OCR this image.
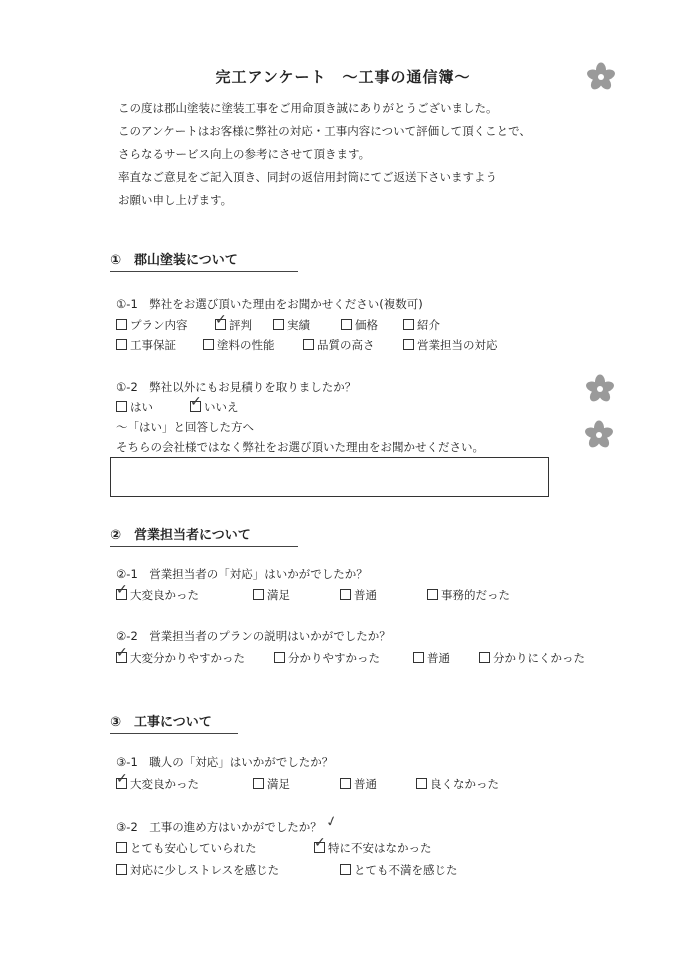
完工アンケート　～工事の通信簿～
この度は郡山塗装に塗装工事をご用命頂き誠にありがとうございました。
このアンケートはお客様に弊社の対応・工事内容について評価して頂くことで、
さらなるサービス向上の参考にさせて頂きます。
率直なご意見をご記入頂き、同封の返信用封筒にてご返送下さいますよう
お願い申し上げます。
①　郡山塗装について
①-1　弊社をお選び頂いた理由をお聞かせください(複数可)
プラン内容 ✓	評判	実績	価格	紹介
工事保証	塗料の性能	品質の高さ	営業担当の対応
①-2　弊社以外にもお見積りを取りましたか？
はい ✓	いいえ
～「はい」と回答した方へ
そちらの会社様ではなく弊社をお選び頂いた理由をお聞かせください。
②　営業担当者について
②-1　営業担当者の「対応」はいかがでしたか？
✓大変良かった	満足	普通	事務的だった
②-2　営業担当者のプランの説明はいかがでしたか？
✓大変分かりやすかった	分かりやすかった	普通	分かりにくかった
③　工事について
③-1　職人の「対応」はいかがでしたか？
✓大変良かった	満足	普通	良くなかった
③-2　工事の進め方はいかがでしたか？ ✓
とても安心していられた ✓	特に不安はなかった
対応に少しストレスを感じた	とても不満を感じた
